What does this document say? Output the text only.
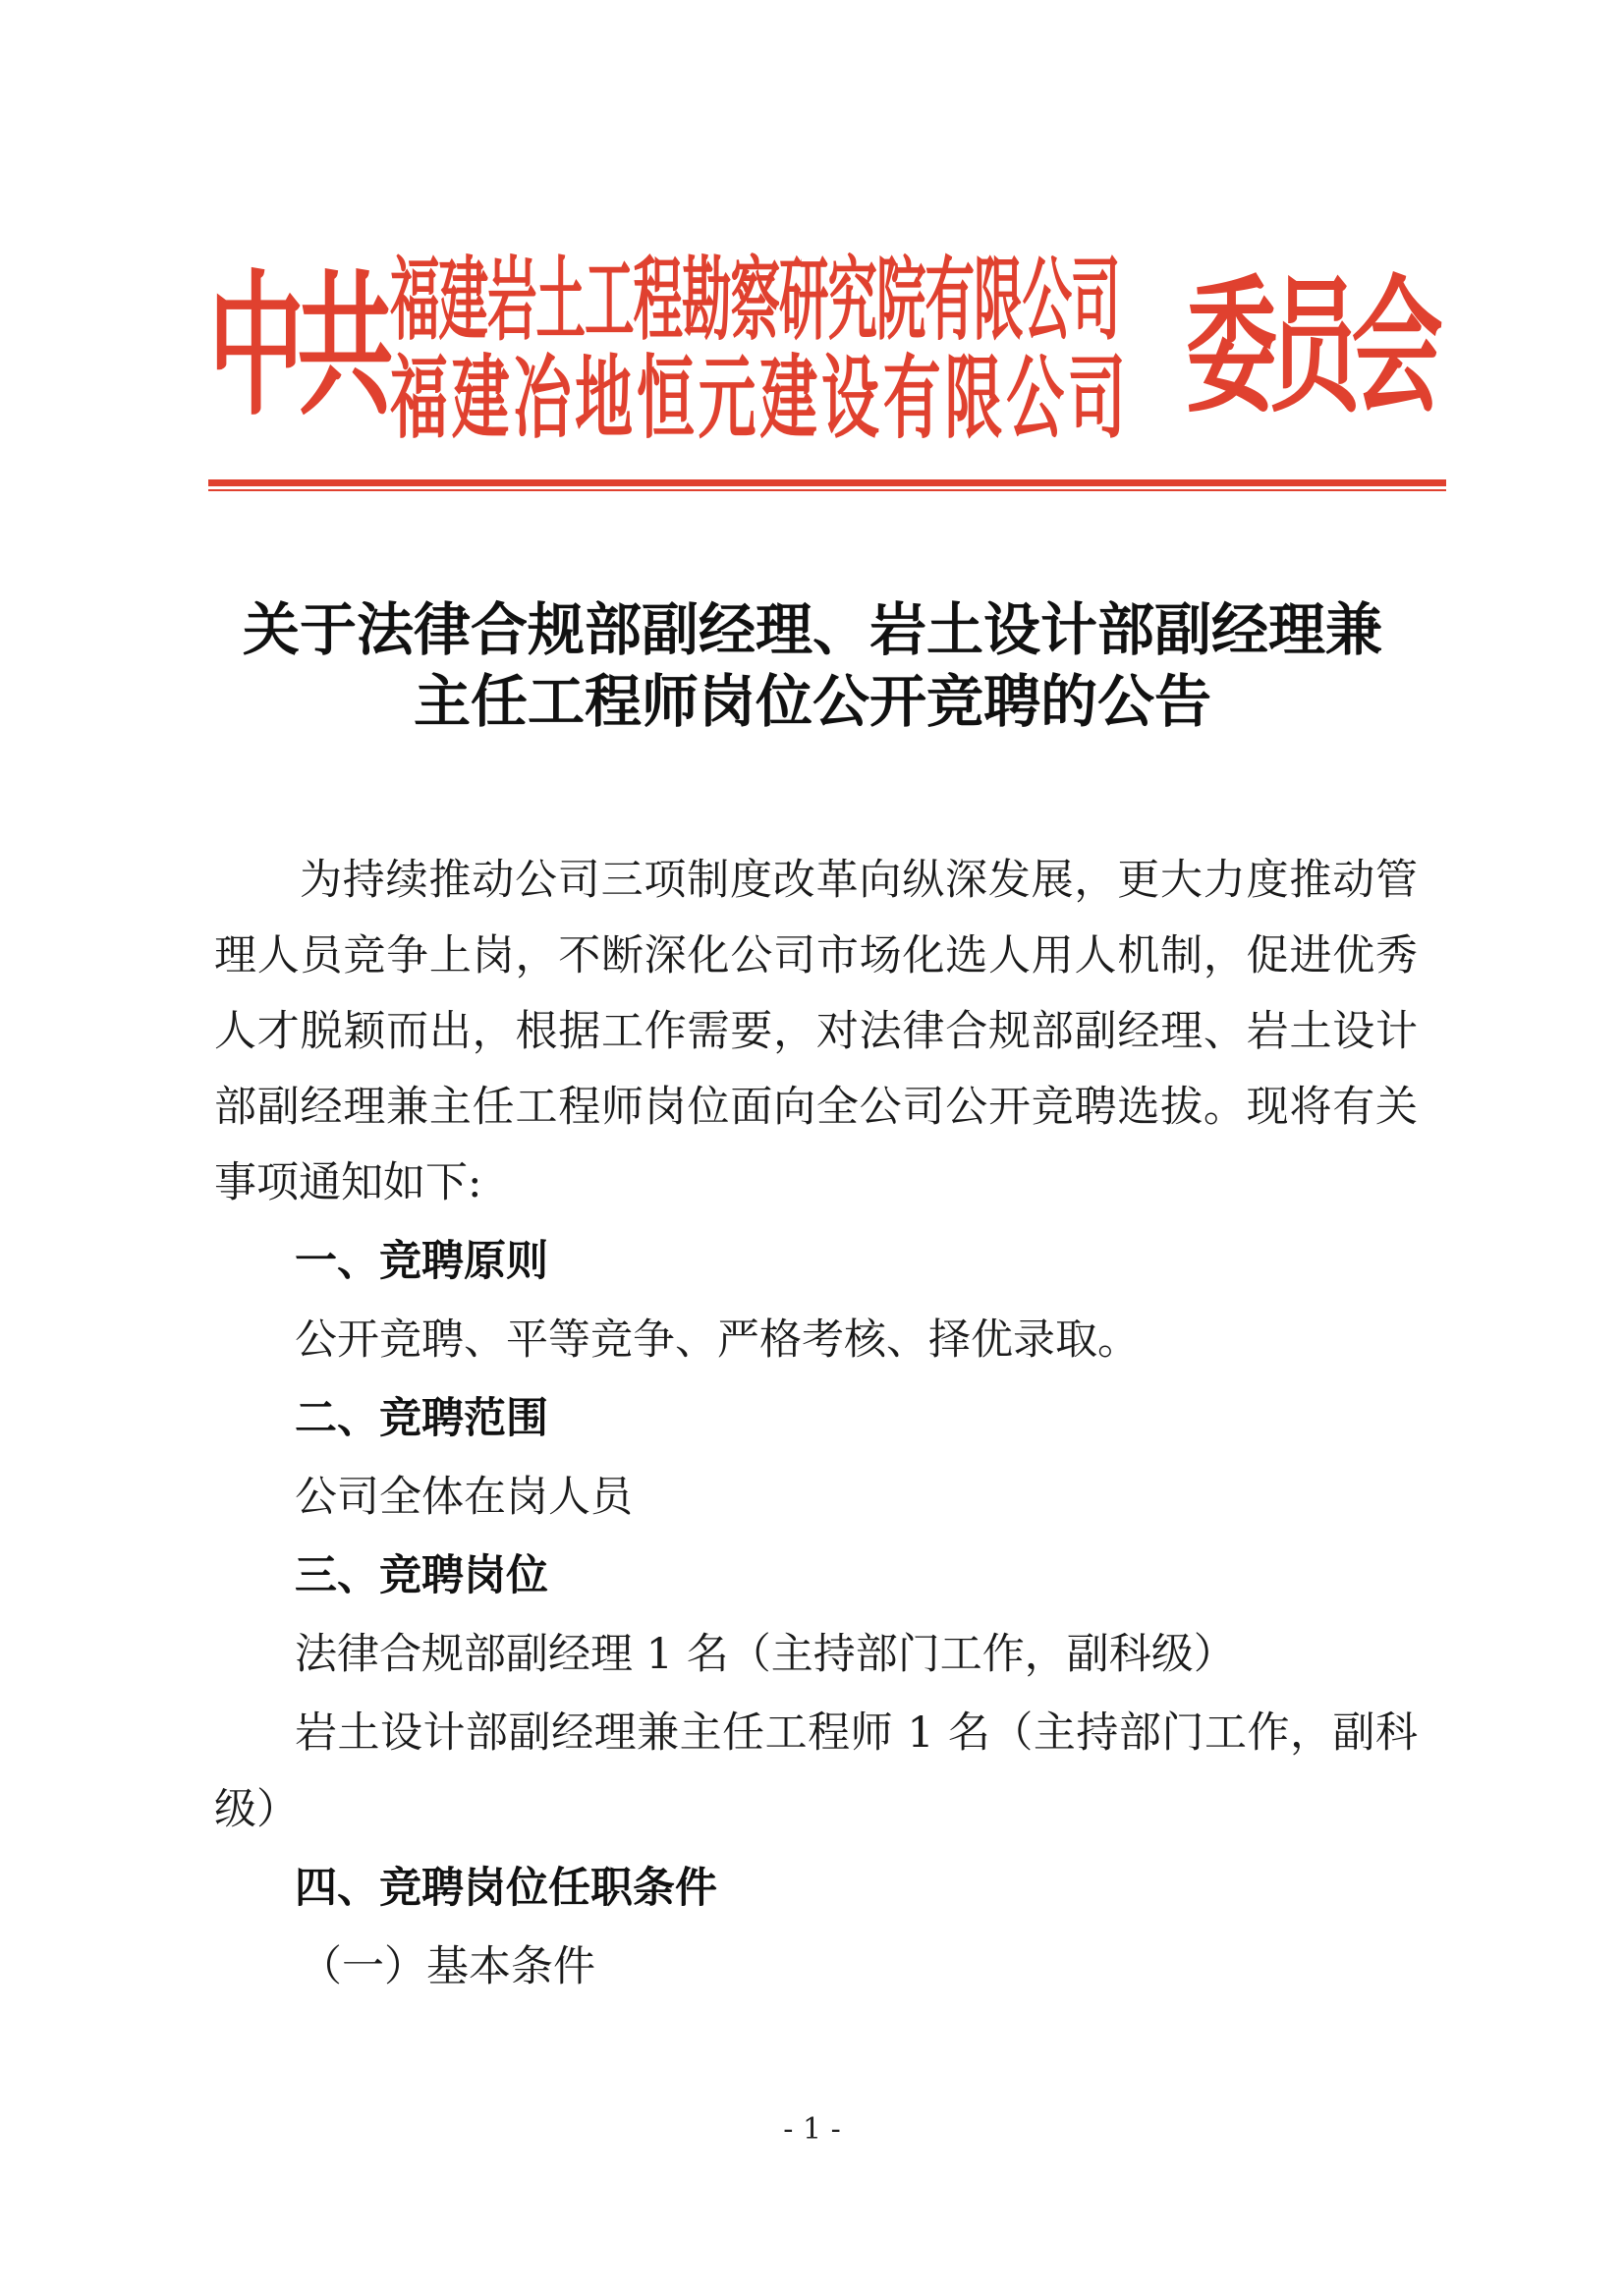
中共 福建岩土工程勘察研究院有限公司
福建冶地恒元建设有限公司 委员会
关于法律合规部副经理、岩土设计部副经理兼
主任工程师岗位公开竞聘的公告
为持续推动公司三项制度改革向纵深发展，更大力度推动管
理人员竞争上岗，不断深化公司市场化选人用人机制，促进优秀
人才脱颖而出，根据工作需要，对法律合规部副经理、岩土设计
部副经理兼主任工程师岗位面向全公司公开竞聘选拔。现将有关
事项通知如下:
一、竞聘原则
公开竞聘、平等竞争、严格考核、择优录取。
二、竞聘范围
公司全体在岗人员
三、竞聘岗位
法律合规部副经理 1 名（主持部门工作，副科级）
岩土设计部副经理兼主任工程师 1 名（主持部门工作，副科
级）
四、竞聘岗位任职条件
（一）基本条件
- 1 -
